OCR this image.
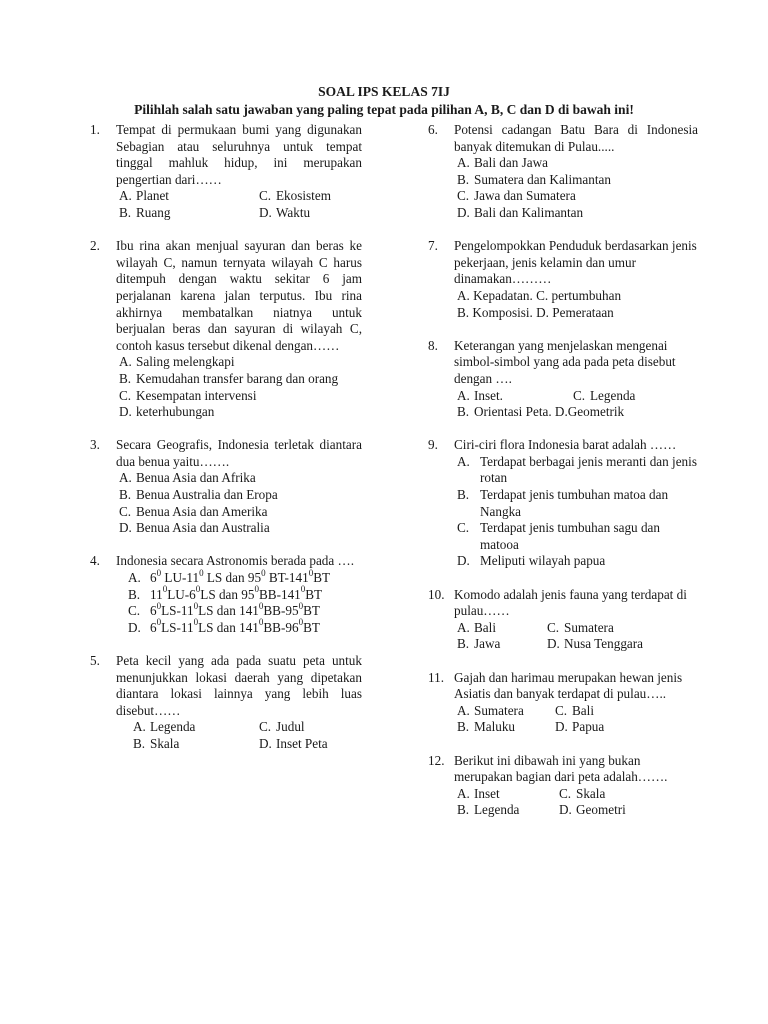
SOAL IPS KELAS 7IJ
Pilihlah salah satu jawaban yang paling tepat pada pilihan A, B, C dan D di bawah ini!
1.	Tempat di permukaan bumi yang digunakan Sebagian atau seluruhnya untuk tempat tinggal mahluk hidup, ini merupakan pengertian dari……
A. Planet	C. Ekosistem
B. Ruang	D. Waktu
2.	Ibu rina akan menjual sayuran dan beras ke wilayah C, namun ternyata wilayah C harus ditempuh dengan waktu sekitar 6 jam perjalanan karena jalan terputus. Ibu rina akhirnya membatalkan niatnya untuk berjualan beras dan sayuran di wilayah C, contoh kasus tersebut dikenal dengan……
A. Saling melengkapi
B. Kemudahan transfer barang dan orang
C. Kesempatan intervensi
D. keterhubungan
3.	Secara Geografis, Indonesia terletak diantara dua benua yaitu…….
A. Benua Asia dan Afrika
B. Benua Australia dan Eropa
C. Benua Asia dan Amerika
D. Benua Asia dan Australia
4.	Indonesia secara Astronomis berada pada ….
A. $6^0$ $LU-11^0$ LS dan $95^0$ $BT-141^0BT$
B. $11^0LU-6^0LS$ dan $95^0BB-141^0BT$
C. $6^0LS-11^0LS$ dan $141^0BB-95^0BT$
D. $6^0LS-11^0LS$ dan $141^0BB-96^0BT$
5.	Peta kecil yang ada pada suatu peta untuk menunjukkan lokasi daerah yang dipetakan diantara lokasi lainnya yang lebih luas disebut……
A. Legenda	C. Judul
B. Skala	D. Inset Peta
6.	Potensi cadangan Batu Bara di Indonesia banyak ditemukan di Pulau.....
A. Bali dan Jawa
B. Sumatera dan Kalimantan
C. Jawa dan Sumatera
D. Bali dan Kalimantan
7.	Pengelompokkan Penduduk berdasarkan jenis pekerjaan, jenis kelamin dan umur dinamakan………
A. Kepadatan. C. pertumbuhan
B. Komposisi. D. Pemerataan
8.	Keterangan yang menjelaskan mengenai simbol-simbol yang ada pada peta disebut dengan ….
A. Inset.	C. Legenda
B. Orientasi Peta. D.Geometrik
9.	Ciri-ciri flora Indonesia barat adalah ……
A. Terdapat berbagai jenis meranti dan jenis rotan
B. Terdapat jenis tumbuhan matoa dan Nangka
C. Terdapat jenis tumbuhan sagu dan matooa
D. Meliputi wilayah papua
10. Komodo adalah jenis fauna yang terdapat di pulau……
A. Bali	C. Sumatera
B. Jawa	D. Nusa Tenggara
11. Gajah dan harimau merupakan hewan jenis Asiatis dan banyak terdapat di pulau…..
A. Sumatera	C. Bali
B. Maluku	D. Papua
12. Berikut ini dibawah ini yang bukan merupakan bagian dari peta adalah…….
A. Inset	C. Skala
B. Legenda	D. Geometri
